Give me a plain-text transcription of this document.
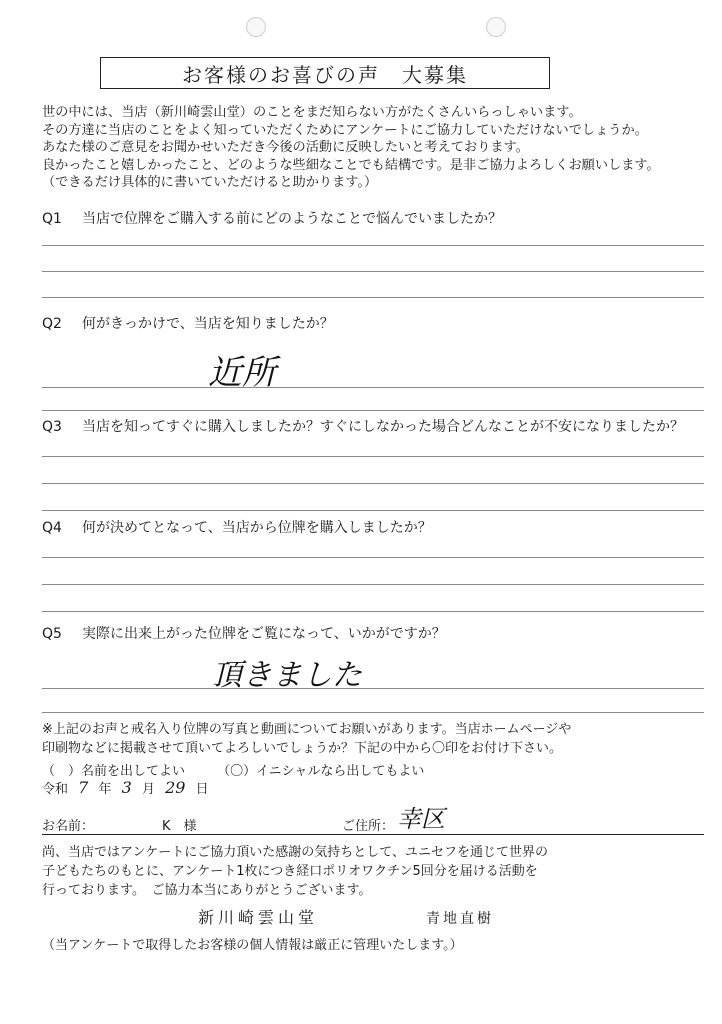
お客様のお喜びの声　大募集
世の中には、当店（新川崎雲山堂）のことをまだ知らない方がたくさんいらっしゃいます。
その方達に当店のことをよく知っていただくためにアンケートにご協力していただけないでしょうか。
あなた様のご意見をお聞かせいただき今後の活動に反映したいと考えております。
良かったこと嬉しかったこと、どのような些細なことでも結構です。是非ご協力よろしくお願いします。
（できるだけ具体的に書いていただけると助かります。）
Q1 当店で位牌をご購入する前にどのようなことで悩んでいましたか？
Q2 何がきっかけで、当店を知りましたか？
近所
Q3 当店を知ってすぐに購入しましたか？すぐにしなかった場合どんなことが不安になりましたか？
Q4 何が決めてとなって、当店から位牌を購入しましたか？
Q5 実際に出来上がった位牌をご覧になって、いかがですか？
頂きました
※上記のお声と戒名入り位牌の写真と動画についてお願いがあります。当店ホームページや
印刷物などに掲載させて頂いてよろしいでしょうか？下記の中から〇印をお付け下さい。
（　）名前を出してよい （〇）イニシャルなら出してもよい
令和 7 年 3 月 29 日
お名前：	K　様	ご住所： 幸区
尚、当店ではアンケートにご協力頂いた感謝の気持ちとして、ユニセフを通じて世界の
子どもたちのもとに、アンケート1枚につき経口ポリオワクチン5回分を届ける活動を
行っております。　ご協力本当にありがとうございます。
新川崎雲山堂	青地直樹
（当アンケートで取得したお客様の個人情報は厳正に管理いたします。）
